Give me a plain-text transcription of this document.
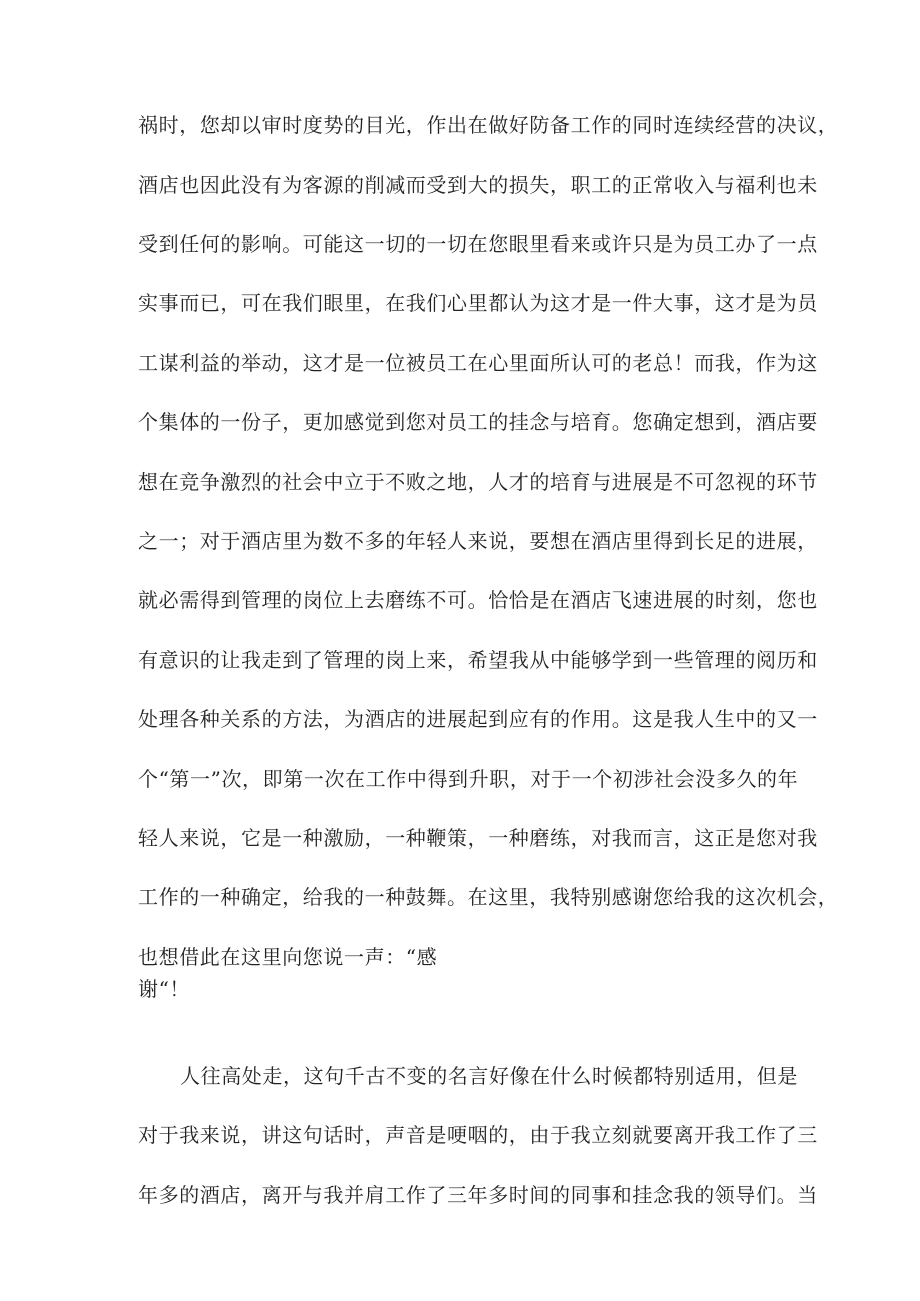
祸时，您却以审时度势的目光，作出在做好防备工作的同时连续经营的决议，
酒店也因此没有为客源的削减而受到大的损失，职工的正常收入与福利也未
受到任何的影响。可能这一切的一切在您眼里看来或许只是为员工办了一点
实事而已，可在我们眼里，在我们心里都认为这才是一件大事，这才是为员
工谋利益的举动，这才是一位被员工在心里面所认可的老总！而我，作为这
个集体的一份子，更加感觉到您对员工的挂念与培育。您确定想到，酒店要
想在竞争激烈的社会中立于不败之地，人才的培育与进展是不可忽视的环节
之一；对于酒店里为数不多的年轻人来说，要想在酒店里得到长足的进展，
就必需得到管理的岗位上去磨练不可。恰恰是在酒店飞速进展的时刻，您也
有意识的让我走到了管理的岗上来，希望我从中能够学到一些管理的阅历和
处理各种关系的方法，为酒店的进展起到应有的作用。这是我人生中的又一
个“第一”次，即第一次在工作中得到升职，对于一个初涉社会没多久的年
轻人来说，它是一种激励，一种鞭策，一种磨练，对我而言，这正是您对我
工作的一种确定，给我的一种鼓舞。在这里，我特别感谢您给我的这次机会，
也想借此在这里向您说一声：“感
谢“！
人往高处走，这句千古不变的名言好像在什么时候都特别适用，但是
对于我来说，讲这句话时，声音是哽咽的，由于我立刻就要离开我工作了三
年多的酒店，离开与我并肩工作了三年多时间的同事和挂念我的领导们。当
